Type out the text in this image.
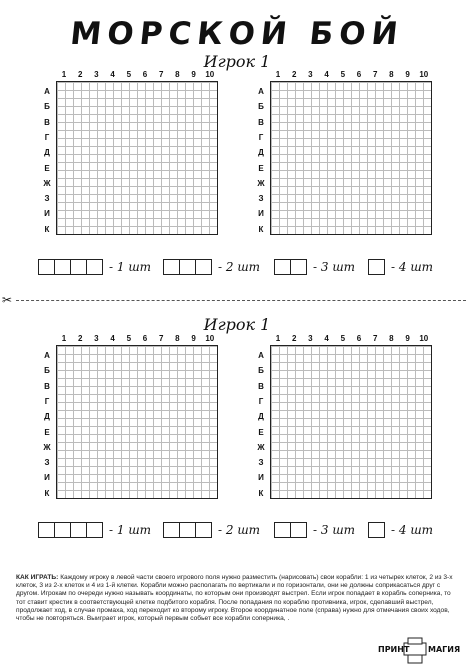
МОРСКОЙ БОЙ
Игрок 1
1	2	3	4	5	6	7	8	9	10
А
Б
В
Г
Д
Е
Ж
З
И
К
1	2	3	4	5	6	7	8	9	10
А
Б
В
Г
Д
Е
Ж
З
И
К
- 1 шт	- 2 шт	- 3 шт	- 4 шт
✂
Игрок 1
1	2	3	4	5	6	7	8	9	10
А
Б
В
Г
Д
Е
Ж
З
И
К
1	2	3	4	5	6	7	8	9	10
А
Б
В
Г
Д
Е
Ж
З
И
К
- 1 шт	- 2 шт	- 3 шт	- 4 шт
КАК ИГРАТЬ: Каждому игроку в левой части своего игрового поля нужно разместить (нарисовать) свои корабли: 1 из четырех клеток, 2 из 3-х клеток, 3 из 2-х клеток и 4 из 1-й клетки. Корабли можно располагать по вертикали и по горизонтали, они не должны соприкасаться друг с другом. Игрокам по очереди нужно называть координаты, по которым они производят выстрел. Если игрок попадает в корабль соперника, то тот ставит крестик в соответствующей клетке подбитого корабля. После попадания по кораблю противника, игрок, сделавший выстрел, продолжает ход, в случае промаха, ход переходит ко второму игроку. Второе координатное поле (справа) нужно для отмечания своих ходов, чтобы не повторяться. Выиграет игрок, который первым собьет все корабли соперника, .
ПРИНТ МАГИЯ
